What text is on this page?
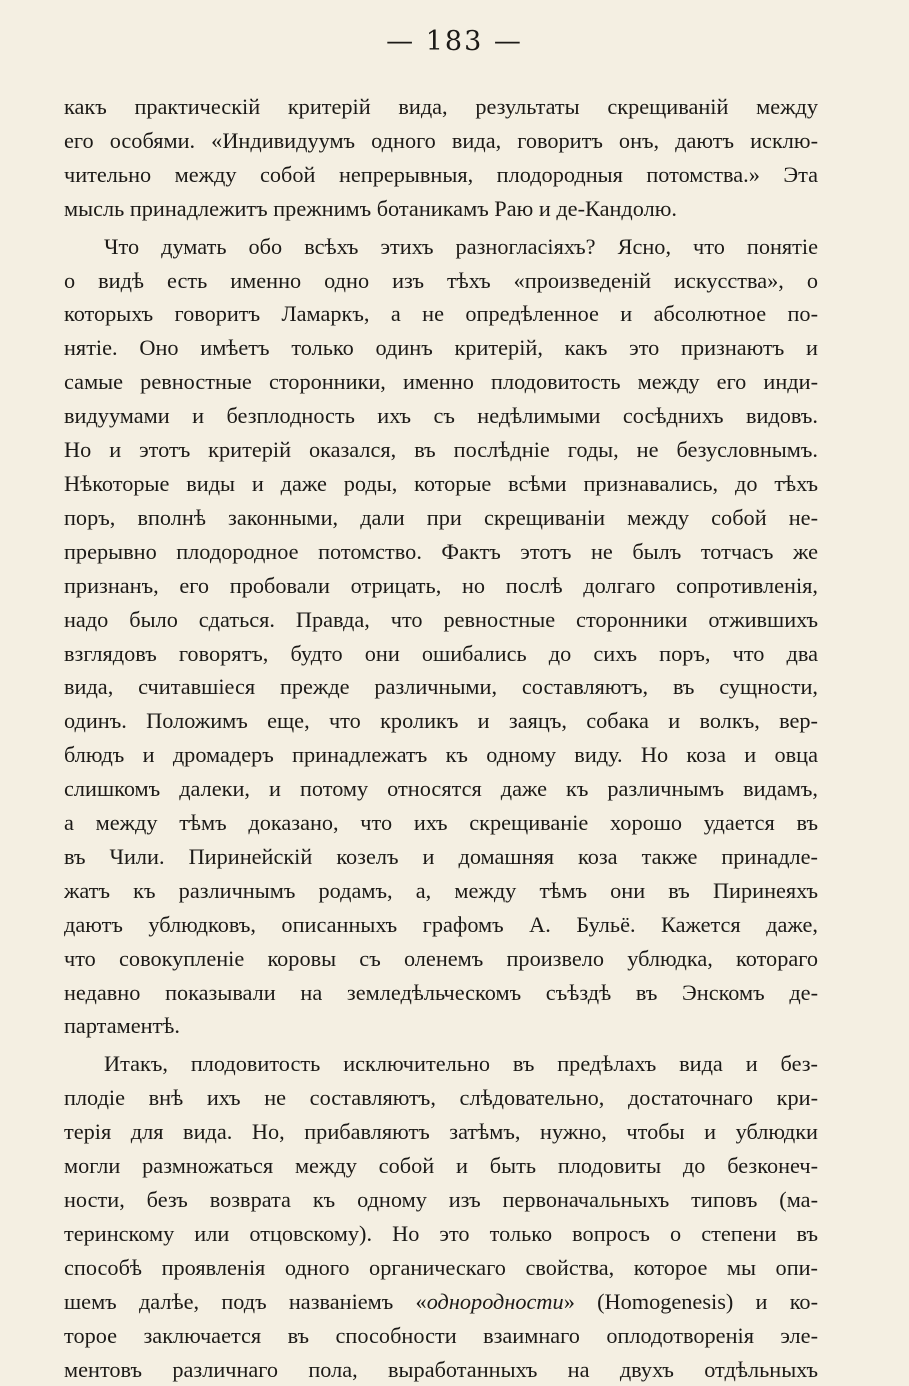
— 183 —

какъ практическій критерій вида, результаты скрещиваній между
его особями. «Индивидуумъ одного вида, говоритъ онъ, даютъ исклю-
чительно между собой непрерывныя, плодородныя потомства.» Эта
мысль принадлежитъ прежнимъ ботаникамъ Раю и де-Кандолю.

Что думать обо всѣхъ этихъ разногласіяхъ? Ясно, что понятіе
о видѣ есть именно одно изъ тѣхъ «произведеній искусства», о
которыхъ говоритъ Ламаркъ, а не опредѣленное и абсолютное по-
нятіе. Оно имѣетъ только одинъ критерій, какъ это признаютъ и
самые ревностные сторонники, именно плодовитость между его инди-
видуумами и безплодность ихъ съ недѣлимыми сосѣднихъ видовъ.
Но и этотъ критерій оказался, въ послѣдніе годы, не безусловнымъ.
Нѣкоторые виды и даже роды, которые всѣми признавались, до тѣхъ
поръ, вполнѣ законными, дали при скрещиваніи между собой не-
прерывно плодородное потомство. Фактъ этотъ не былъ тотчасъ же
признанъ, его пробовали отрицать, но послѣ долгаго сопротивленія,
надо было сдаться. Правда, что ревностные сторонники отжившихъ
взглядовъ говорятъ, будто они ошибались до сихъ поръ, что два
вида, считавшіеся прежде различными, составляютъ, въ сущности,
одинъ. Положимъ еще, что кроликъ и заяцъ, собака и волкъ, вер-
блюдъ и дромадеръ принадлежатъ къ одному виду. Но коза и овца
слишкомъ далеки, и потому относятся даже къ различнымъ видамъ,
а между тѣмъ доказано, что ихъ скрещиваніе хорошо удается въ
въ Чили. Пиринейскій козелъ и домашняя коза также принадле-
жатъ къ различнымъ родамъ, а, между тѣмъ они въ Пиринеяхъ
даютъ ублюдковъ, описанныхъ графомъ А. Бульё. Кажется даже,
что совокупленіе коровы съ оленемъ произвело ублюдка, котораго
недавно показывали на земледѣльческомъ съѣздѣ въ Энскомъ де-
партаментѣ.

Итакъ, плодовитость исключительно въ предѣлахъ вида и без-
плодіе внѣ ихъ не составляютъ, слѣдовательно, достаточнаго кри-
терія для вида. Но, прибавляютъ затѣмъ, нужно, чтобы и ублюдки
могли размножаться между собой и быть плодовиты до безконеч-
ности, безъ возврата къ одному изъ первоначальныхъ типовъ (ма-
теринскому или отцовскому). Но это только вопросъ о степени въ
способѣ проявленія одного органическаго свойства, которое мы опи-
шемъ далѣе, подъ названіемъ «однородности» (Homogenesis) и ко-
торое заключается въ способности взаимнаго оплодотворенія эле-
ментовъ различнаго пола, выработанныхъ на двухъ отдѣльныхъ
